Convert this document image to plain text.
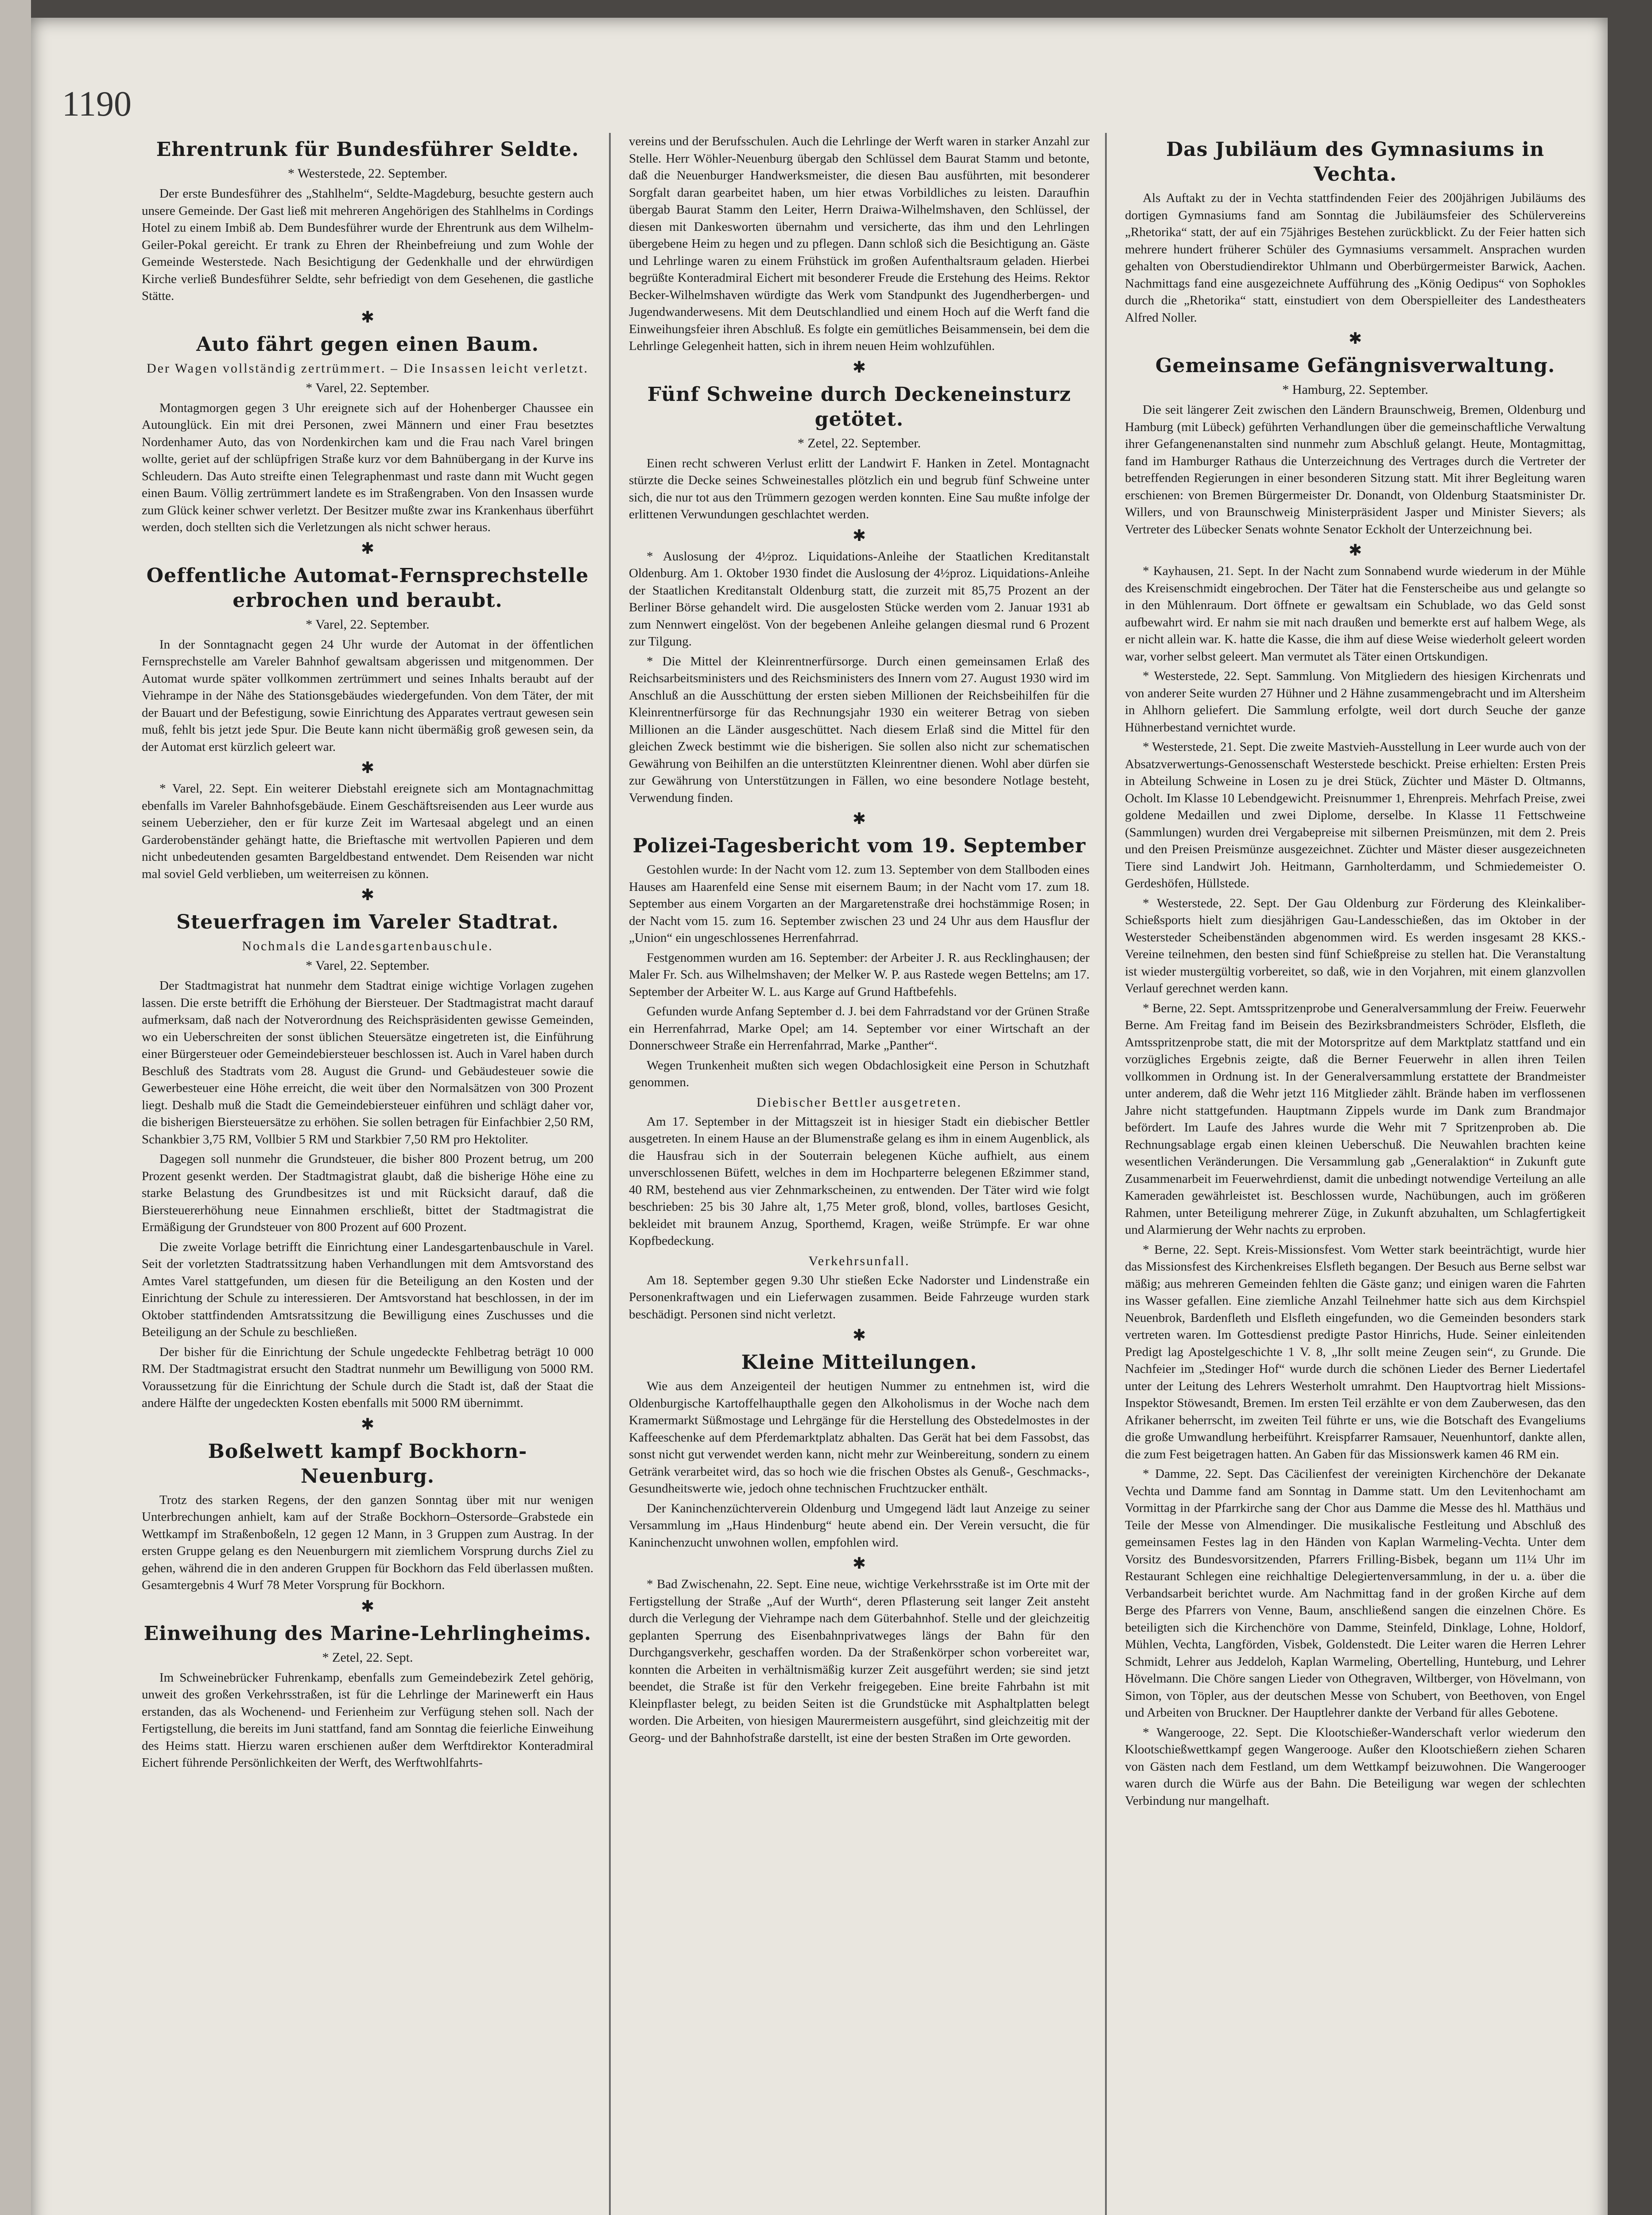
1190
Ehrentrunk für Bundesführer Seldte.
* Westerstede, 22. September.

Der erste Bundesführer des „Stahlhelm“, Seldte-Magdeburg, besuchte gestern auch unsere Gemeinde. Der Gast ließ mit mehreren Angehörigen des Stahlhelms in Cordings Hotel zu einem Imbiß ab. Dem Bundesführer wurde der Ehrentrunk aus dem Wilhelm-Geiler-Pokal gereicht. Er trank zu Ehren der Rheinbefreiung und zum Wohle der Gemeinde Westerstede. Nach Besichtigung der Gedenkhalle und der ehrwürdigen Kirche verließ Bundesführer Seldte, sehr befriedigt von dem Gesehenen, die gastliche Stätte.

✱
Auto fährt gegen einen Baum.
Der Wagen vollständig zertrümmert. – Die Insassen leicht verletzt.
* Varel, 22. September.

Montagmorgen gegen 3 Uhr ereignete sich auf der Hohenberger Chaussee ein Autounglück. Ein mit drei Personen, zwei Männern und einer Frau besetztes Nordenhamer Auto, das von Nordenkirchen kam und die Frau nach Varel bringen wollte, geriet auf der schlüpfrigen Straße kurz vor dem Bahnübergang in der Kurve ins Schleudern. Das Auto streifte einen Telegraphenmast und raste dann mit Wucht gegen einen Baum. Völlig zertrümmert landete es im Straßengraben. Von den Insassen wurde zum Glück keiner schwer verletzt. Der Besitzer mußte zwar ins Krankenhaus überführt werden, doch stellten sich die Verletzungen als nicht schwer heraus.

✱
Oeffentliche Automat-Fernsprechstelle erbrochen und beraubt.
* Varel, 22. September.

In der Sonntagnacht gegen 24 Uhr wurde der Automat in der öffentlichen Fernsprechstelle am Vareler Bahnhof gewaltsam abgerissen und mitgenommen. Der Automat wurde später vollkommen zertrümmert und seines Inhalts beraubt auf der Viehrampe in der Nähe des Stationsgebäudes wiedergefunden. Von dem Täter, der mit der Bauart und der Befestigung, sowie Einrichtung des Apparates vertraut gewesen sein muß, fehlt bis jetzt jede Spur. Die Beute kann nicht übermäßig groß gewesen sein, da der Automat erst kürzlich geleert war.

✱

* Varel, 22. Sept. Ein weiterer Diebstahl ereignete sich am Montagnachmittag ebenfalls im Vareler Bahnhofsgebäude. Einem Geschäftsreisenden aus Leer wurde aus seinem Ueberzieher, den er für kurze Zeit im Wartesaal abgelegt und an einen Garderobenständer gehängt hatte, die Brieftasche mit wertvollen Papieren und dem nicht unbedeutenden gesamten Bargeldbestand entwendet. Dem Reisenden war nicht mal soviel Geld verblieben, um weiterreisen zu können.

✱
Steuerfragen im Vareler Stadtrat.
Nochmals die Landesgartenbauschule.
* Varel, 22. September.

Der Stadtmagistrat hat nunmehr dem Stadtrat einige wichtige Vorlagen zugehen lassen. Die erste betrifft die Erhöhung der Biersteuer. Der Stadtmagistrat macht darauf aufmerksam, daß nach der Notverordnung des Reichspräsidenten gewisse Gemeinden, wo ein Ueberschreiten der sonst üblichen Steuersätze eingetreten ist, die Einführung einer Bürgersteuer oder Gemeindebiersteuer beschlossen ist. Auch in Varel haben durch Beschluß des Stadtrats vom 28. August die Grund- und Gebäudesteuer sowie die Gewerbesteuer eine Höhe erreicht, die weit über den Normalsätzen von 300 Prozent liegt. Deshalb muß die Stadt die Gemeindebiersteuer einführen und schlägt daher vor, die bisherigen Biersteuersätze zu erhöhen. Sie sollen betragen für Einfachbier 2,50 RM, Schankbier 3,75 RM, Vollbier 5 RM und Starkbier 7,50 RM pro Hektoliter.

Dagegen soll nunmehr die Grundsteuer, die bisher 800 Prozent betrug, um 200 Prozent gesenkt werden. Der Stadtmagistrat glaubt, daß die bisherige Höhe eine zu starke Belastung des Grundbesitzes ist und mit Rücksicht darauf, daß die Biersteuererhöhung neue Einnahmen erschließt, bittet der Stadtmagistrat die Ermäßigung der Grundsteuer von 800 Prozent auf 600 Prozent.

Die zweite Vorlage betrifft die Einrichtung einer Landesgartenbauschule in Varel. Seit der vorletzten Stadtratssitzung haben Verhandlungen mit dem Amtsvorstand des Amtes Varel stattgefunden, um diesen für die Beteiligung an den Kosten und der Einrichtung der Schule zu interessieren. Der Amtsvorstand hat beschlossen, in der im Oktober stattfindenden Amtsratssitzung die Bewilligung eines Zuschusses und die Beteiligung an der Schule zu beschließen.

Der bisher für die Einrichtung der Schule ungedeckte Fehlbetrag beträgt 10 000 RM. Der Stadtmagistrat ersucht den Stadtrat nunmehr um Bewilligung von 5000 RM. Voraussetzung für die Einrichtung der Schule durch die Stadt ist, daß der Staat die andere Hälfte der ungedeckten Kosten ebenfalls mit 5000 RM übernimmt.

✱
Boßelwett kampf Bockhorn-Neuenburg.

Trotz des starken Regens, der den ganzen Sonntag über mit nur wenigen Unterbrechungen anhielt, kam auf der Straße Bockhorn–Ostersorde–Grabstede ein Wettkampf im Straßenboßeln, 12 gegen 12 Mann, in 3 Gruppen zum Austrag. In der ersten Gruppe gelang es den Neuenburgern mit ziemlichem Vorsprung durchs Ziel zu gehen, während die in den anderen Gruppen für Bockhorn das Feld überlassen mußten. Gesamtergebnis 4 Wurf 78 Meter Vorsprung für Bockhorn.

✱
Einweihung des Marine-Lehrlingheims.
* Zetel, 22. Sept.

Im Schweinebrücker Fuhrenkamp, ebenfalls zum Gemeindebezirk Zetel gehörig, unweit des großen Verkehrsstraßen, ist für die Lehrlinge der Marinewerft ein Haus erstanden, das als Wochenend- und Ferienheim zur Verfügung stehen soll. Nach der Fertigstellung, die bereits im Juni stattfand, fand am Sonntag die feierliche Einweihung des Heims statt. Hierzu waren erschienen außer dem Werftdirektor Konteradmiral Eichert führende Persönlichkeiten der Werft, des Werftwohlfahrts-

vereins und der Berufsschulen. Auch die Lehrlinge der Werft waren in starker Anzahl zur Stelle. Herr Wöhler-Neuenburg übergab den Schlüssel dem Baurat Stamm und betonte, daß die Neuenburger Handwerksmeister, die diesen Bau ausführten, mit besonderer Sorgfalt daran gearbeitet haben, um hier etwas Vorbildliches zu leisten. Daraufhin übergab Baurat Stamm den Leiter, Herrn Draiwa-Wilhelmshaven, den Schlüssel, der diesen mit Dankesworten übernahm und versicherte, das ihm und den Lehrlingen übergebene Heim zu hegen und zu pflegen. Dann schloß sich die Besichtigung an. Gäste und Lehrlinge waren zu einem Frühstück im großen Aufenthaltsraum geladen. Hierbei begrüßte Konteradmiral Eichert mit besonderer Freude die Erstehung des Heims. Rektor Becker-Wilhelmshaven würdigte das Werk vom Standpunkt des Jugendherbergen- und Jugendwanderwesens. Mit dem Deutschlandlied und einem Hoch auf die Werft fand die Einweihungsfeier ihren Abschluß. Es folgte ein gemütliches Beisammensein, bei dem die Lehrlinge Gelegenheit hatten, sich in ihrem neuen Heim wohlzufühlen.

✱
Fünf Schweine durch Deckeneinsturz getötet.
* Zetel, 22. September.

Einen recht schweren Verlust erlitt der Landwirt F. Hanken in Zetel. Montagnacht stürzte die Decke seines Schweinestalles plötzlich ein und begrub fünf Schweine unter sich, die nur tot aus den Trümmern gezogen werden konnten. Eine Sau mußte infolge der erlittenen Verwundungen geschlachtet werden.

✱

* Auslosung der 4½proz. Liquidations-Anleihe der Staatlichen Kreditanstalt Oldenburg. Am 1. Oktober 1930 findet die Auslosung der 4½proz. Liquidations-Anleihe der Staatlichen Kreditanstalt Oldenburg statt, die zurzeit mit 85,75 Prozent an der Berliner Börse gehandelt wird. Die ausgelosten Stücke werden vom 2. Januar 1931 ab zum Nennwert eingelöst. Von der begebenen Anleihe gelangen diesmal rund 6 Prozent zur Tilgung.

* Die Mittel der Kleinrentnerfürsorge. Durch einen gemeinsamen Erlaß des Reichsarbeitsministers und des Reichsministers des Innern vom 27. August 1930 wird im Anschluß an die Ausschüttung der ersten sieben Millionen der Reichsbeihilfen für die Kleinrentnerfürsorge für das Rechnungsjahr 1930 ein weiterer Betrag von sieben Millionen an die Länder ausgeschüttet. Nach diesem Erlaß sind die Mittel für den gleichen Zweck bestimmt wie die bisherigen. Sie sollen also nicht zur schematischen Gewährung von Beihilfen an die unterstützten Kleinrentner dienen. Wohl aber dürfen sie zur Gewährung von Unterstützungen in Fällen, wo eine besondere Notlage besteht, Verwendung finden.

✱
Polizei-Tagesbericht vom 19. September

Gestohlen wurde: In der Nacht vom 12. zum 13. September von dem Stallboden eines Hauses am Haarenfeld eine Sense mit eisernem Baum; in der Nacht vom 17. zum 18. September aus einem Vorgarten an der Margaretenstraße drei hochstämmige Rosen; in der Nacht vom 15. zum 16. September zwischen 23 und 24 Uhr aus dem Hausflur der „Union“ ein ungeschlossenes Herrenfahrrad.

Festgenommen wurden am 16. September: der Arbeiter J. R. aus Recklinghausen; der Maler Fr. Sch. aus Wilhelmshaven; der Melker W. P. aus Rastede wegen Bettelns; am 17. September der Arbeiter W. L. aus Karge auf Grund Haftbefehls.

Gefunden wurde Anfang September d. J. bei dem Fahrradstand vor der Grünen Straße ein Herrenfahrrad, Marke Opel; am 14. September vor einer Wirtschaft an der Donnerschweer Straße ein Herrenfahrrad, Marke „Panther“.

Wegen Trunkenheit mußten sich wegen Obdachlosigkeit eine Person in Schutzhaft genommen.

Diebischer Bettler ausgetreten.

Am 17. September in der Mittagszeit ist in hiesiger Stadt ein diebischer Bettler ausgetreten. In einem Hause an der Blumenstraße gelang es ihm in einem Augenblick, als die Hausfrau sich in der Souterrain belegenen Küche aufhielt, aus einem unverschlossenen Büfett, welches in dem im Hochparterre belegenen Eßzimmer stand, 40 RM, bestehend aus vier Zehnmarkscheinen, zu entwenden. Der Täter wird wie folgt beschrieben: 25 bis 30 Jahre alt, 1,75 Meter groß, blond, volles, bartloses Gesicht, bekleidet mit braunem Anzug, Sporthemd, Kragen, weiße Strümpfe. Er war ohne Kopfbedeckung.

Verkehrsunfall.

Am 18. September gegen 9.30 Uhr stießen Ecke Nadorster und Lindenstraße ein Personenkraftwagen und ein Lieferwagen zusammen. Beide Fahrzeuge wurden stark beschädigt. Personen sind nicht verletzt.

✱
Kleine Mitteilungen.

Wie aus dem Anzeigenteil der heutigen Nummer zu entnehmen ist, wird die Oldenburgische Kartoffelhaupthalle gegen den Alkoholismus in der Woche nach dem Kramermarkt Süßmostage und Lehrgänge für die Herstellung des Obstedelmostes in der Kaffeeschenke auf dem Pferdemarktplatz abhalten. Das Gerät hat bei dem Fassobst, das sonst nicht gut verwendet werden kann, nicht mehr zur Weinbereitung, sondern zu einem Getränk verarbeitet wird, das so hoch wie die frischen Obstes als Genuß-, Geschmacks-, Gesundheitswerte wie, jedoch ohne technischen Fruchtzucker enthält.

Der Kaninchenzüchterverein Oldenburg und Umgegend lädt laut Anzeige zu seiner Versammlung im „Haus Hindenburg“ heute abend ein. Der Verein versucht, die für Kaninchenzucht unwohnen wollen, empfohlen wird.

✱

* Bad Zwischenahn, 22. Sept. Eine neue, wichtige Verkehrsstraße ist im Orte mit der Fertigstellung der Straße „Auf der Wurth“, deren Pflasterung seit langer Zeit ansteht durch die Verlegung der Viehrampe nach dem Güterbahnhof. Stelle und der gleichzeitig geplanten Sperrung des Eisenbahnprivatweges längs der Bahn für den Durchgangsverkehr, geschaffen worden. Da der Straßenkörper schon vorbereitet war, konnten die Arbeiten in verhältnismäßig kurzer Zeit ausgeführt werden; sie sind jetzt beendet, die Straße ist für den Verkehr freigegeben. Eine breite Fahrbahn ist mit Kleinpflaster belegt, zu beiden Seiten ist die Grundstücke mit Asphaltplatten belegt worden. Die Arbeiten, von hiesigen Maurermeistern ausgeführt, sind gleichzeitig mit der Georg- und der Bahnhofstraße darstellt, ist eine der besten Straßen im Orte geworden.

Das Jubiläum des Gymnasiums in Vechta.

Als Auftakt zu der in Vechta stattfindenden Feier des 200jährigen Jubiläums des dortigen Gymnasiums fand am Sonntag die Jubiläumsfeier des Schülervereins „Rhetorika“ statt, der auf ein 75jähriges Bestehen zurückblickt. Zu der Feier hatten sich mehrere hundert früherer Schüler des Gymnasiums versammelt. Ansprachen wurden gehalten von Oberstudiendirektor Uhlmann und Oberbürgermeister Barwick, Aachen. Nachmittags fand eine ausgezeichnete Aufführung des „König Oedipus“ von Sophokles durch die „Rhetorika“ statt, einstudiert von dem Oberspielleiter des Landestheaters Alfred Noller.

✱
Gemeinsame Gefängnisverwaltung.
* Hamburg, 22. September.

Die seit längerer Zeit zwischen den Ländern Braunschweig, Bremen, Oldenburg und Hamburg (mit Lübeck) geführten Verhandlungen über die gemeinschaftliche Verwaltung ihrer Gefangenenanstalten sind nunmehr zum Abschluß gelangt. Heute, Montagmittag, fand im Hamburger Rathaus die Unterzeichnung des Vertrages durch die Vertreter der betreffenden Regierungen in einer besonderen Sitzung statt. Mit ihrer Begleitung waren erschienen: von Bremen Bürgermeister Dr. Donandt, von Oldenburg Staatsminister Dr. Willers, und von Braunschweig Ministerpräsident Jasper und Minister Sievers; als Vertreter des Lübecker Senats wohnte Senator Eckholt der Unterzeichnung bei.

✱

* Kayhausen, 21. Sept. In der Nacht zum Sonnabend wurde wiederum in der Mühle des Kreisenschmidt eingebrochen. Der Täter hat die Fensterscheibe aus und gelangte so in den Mühlenraum. Dort öffnete er gewaltsam ein Schublade, wo das Geld sonst aufbewahrt wird. Er nahm sie mit nach draußen und bemerkte erst auf halbem Wege, als er nicht allein war. K. hatte die Kasse, die ihm auf diese Weise wiederholt geleert worden war, vorher selbst geleert. Man vermutet als Täter einen Ortskundigen.

* Westerstede, 22. Sept. Sammlung. Von Mitgliedern des hiesigen Kirchenrats und von anderer Seite wurden 27 Hühner und 2 Hähne zusammengebracht und im Altersheim in Ahlhorn geliefert. Die Sammlung erfolgte, weil dort durch Seuche der ganze Hühnerbestand vernichtet wurde.

* Westerstede, 21. Sept. Die zweite Mastvieh-Ausstellung in Leer wurde auch von der Absatzverwertungs-Genossenschaft Westerstede beschickt. Preise erhielten: Ersten Preis in Abteilung Schweine in Losen zu je drei Stück, Züchter und Mäster D. Oltmanns, Ocholt. Im Klasse 10 Lebendgewicht. Preisnummer 1, Ehrenpreis. Mehrfach Preise, zwei goldene Medaillen und zwei Diplome, derselbe. In Klasse 11 Fettschweine (Sammlungen) wurden drei Vergabepreise mit silbernen Preismünzen, mit dem 2. Preis und den Preisen Preismünze ausgezeichnet. Züchter und Mäster dieser ausgezeichneten Tiere sind Landwirt Joh. Heitmann, Garnholterdamm, und Schmiedemeister O. Gerdeshöfen, Hüllstede.

* Westerstede, 22. Sept. Der Gau Oldenburg zur Förderung des Kleinkaliber-Schießsports hielt zum diesjährigen Gau-Landesschießen, das im Oktober in der Westersteder Scheibenständen abgenommen wird. Es werden insgesamt 28 KKS.-Vereine teilnehmen, den besten sind fünf Schießpreise zu stellen hat. Die Veranstaltung ist wieder mustergültig vorbereitet, so daß, wie in den Vorjahren, mit einem glanzvollen Verlauf gerechnet werden kann.

* Berne, 22. Sept. Amtsspritzenprobe und Generalversammlung der Freiw. Feuerwehr Berne. Am Freitag fand im Beisein des Bezirksbrandmeisters Schröder, Elsfleth, die Amtsspritzenprobe statt, die mit der Motorspritze auf dem Marktplatz stattfand und ein vorzügliches Ergebnis zeigte, daß die Berner Feuerwehr in allen ihren Teilen vollkommen in Ordnung ist. In der Generalversammlung erstattete der Brandmeister unter anderem, daß die Wehr jetzt 116 Mitglieder zählt. Brände haben im verflossenen Jahre nicht stattgefunden. Hauptmann Zippels wurde im Dank zum Brandmajor befördert. Im Laufe des Jahres wurde die Wehr mit 7 Spritzenproben ab. Die Rechnungsablage ergab einen kleinen Ueberschuß. Die Neuwahlen brachten keine wesentlichen Veränderungen. Die Versammlung gab „Generalaktion“ in Zukunft gute Zusammenarbeit im Feuerwehrdienst, damit die unbedingt notwendige Verteilung an alle Kameraden gewährleistet ist. Beschlossen wurde, Nachübungen, auch im größeren Rahmen, unter Beteiligung mehrerer Züge, in Zukunft abzuhalten, um Schlagfertigkeit und Alarmierung der Wehr nachts zu erproben.

* Berne, 22. Sept. Kreis-Missionsfest. Vom Wetter stark beeinträchtigt, wurde hier das Missionsfest des Kirchenkreises Elsfleth begangen. Der Besuch aus Berne selbst war mäßig; aus mehreren Gemeinden fehlten die Gäste ganz; und einigen waren die Fahrten ins Wasser gefallen. Eine ziemliche Anzahl Teilnehmer hatte sich aus dem Kirchspiel Neuenbrok, Bardenfleth und Elsfleth eingefunden, wo die Gemeinden besonders stark vertreten waren. Im Gottesdienst predigte Pastor Hinrichs, Hude. Seiner einleitenden Predigt lag Apostelgeschichte 1 V. 8, „Ihr sollt meine Zeugen sein“, zu Grunde. Die Nachfeier im „Stedinger Hof“ wurde durch die schönen Lieder des Berner Liedertafel unter der Leitung des Lehrers Westerholt umrahmt. Den Hauptvortrag hielt Missions-Inspektor Stöwesandt, Bremen. Im ersten Teil erzählte er von dem Zauberwesen, das den Afrikaner beherrscht, im zweiten Teil führte er uns, wie die Botschaft des Evangeliums die große Umwandlung herbeiführt. Kreispfarrer Ramsauer, Neuenhuntorf, dankte allen, die zum Fest beigetragen hatten. An Gaben für das Missionswerk kamen 46 RM ein.

* Damme, 22. Sept. Das Cäcilienfest der vereinigten Kirchenchöre der Dekanate Vechta und Damme fand am Sonntag in Damme statt. Um den Levitenhochamt am Vormittag in der Pfarrkirche sang der Chor aus Damme die Messe des hl. Matthäus und Teile der Messe von Almendinger. Die musikalische Festleitung und Abschluß des gemeinsamen Festes lag in den Händen von Kaplan Warmeling-Vechta. Unter dem Vorsitz des Bundesvorsitzenden, Pfarrers Frilling-Bisbek, begann um 11¼ Uhr im Restaurant Schlegen eine reichhaltige Delegiertenversammlung, in der u. a. über die Verbandsarbeit berichtet wurde. Am Nachmittag fand in der großen Kirche auf dem Berge des Pfarrers von Venne, Baum, anschließend sangen die einzelnen Chöre. Es beteiligten sich die Kirchenchöre von Damme, Steinfeld, Dinklage, Lohne, Holdorf, Mühlen, Vechta, Langförden, Visbek, Goldenstedt. Die Leiter waren die Herren Lehrer Schmidt, Lehrer aus Jeddeloh, Kaplan Warmeling, Obertelling, Hunteburg, und Lehrer Hövelmann. Die Chöre sangen Lieder von Othegraven, Wiltberger, von Hövelmann, von Simon, von Töpler, aus der deutschen Messe von Schubert, von Beethoven, von Engel und Arbeiten von Bruckner. Der Hauptlehrer dankte der Verband für alles Gebotene.

* Wangerooge, 22. Sept. Die Klootschießer-Wanderschaft verlor wiederum den Klootschießwettkampf gegen Wangerooge. Außer den Klootschießern ziehen Scharen von Gästen nach dem Festland, um dem Wettkampf beizuwohnen. Die Wangerooger waren durch die Würfe aus der Bahn. Die Beteiligung war wegen der schlechten Verbindung nur mangelhaft.
